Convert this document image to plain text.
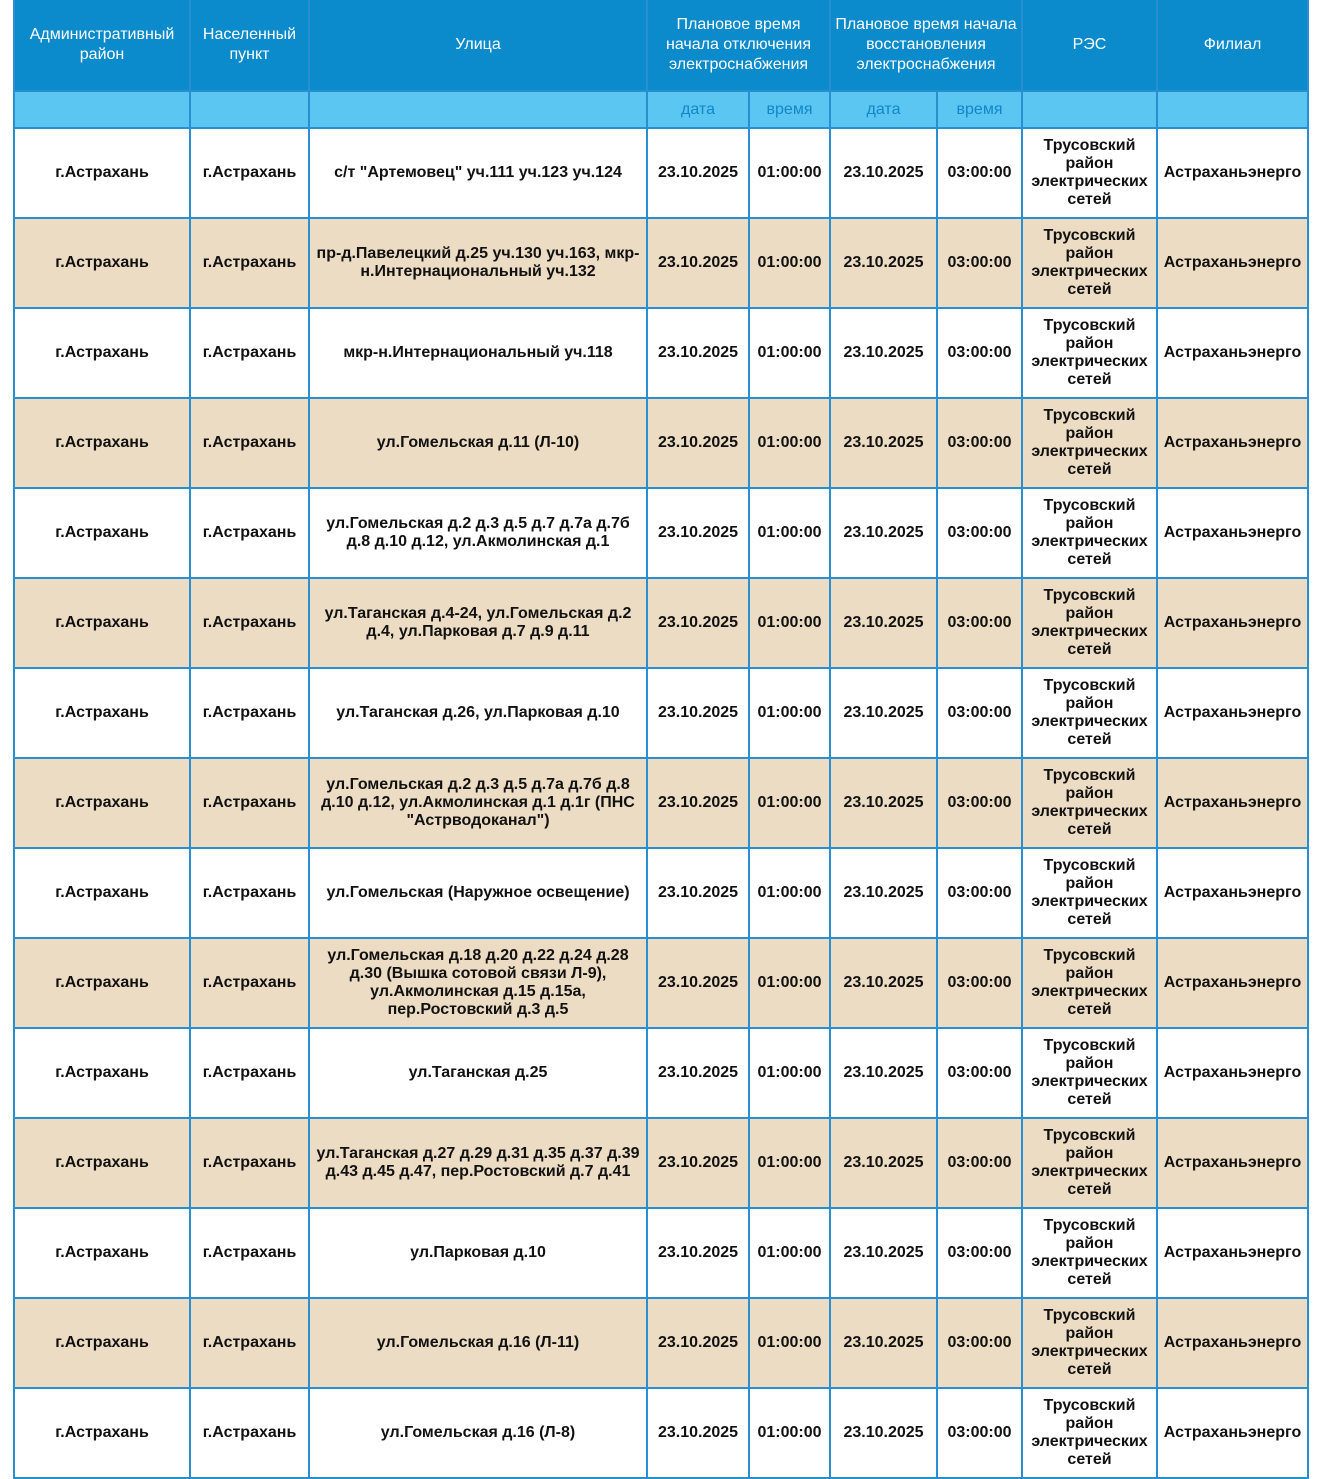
Административный район	Населенный пункт	Улица	Плановое время начала отключения электроснабжения		Плановое время начала восстановления электроснабжения		РЭС	Филиал
			дата	время	дата	время		
г.Астрахань	г.Астрахань	с/т "Артемовец" уч.111 уч.123 уч.124	23.10.2025	01:00:00	23.10.2025	03:00:00	Трусовский район электрических сетей	Астраханьэнерго
г.Астрахань	г.Астрахань	пр-д.Павелецкий д.25 уч.130 уч.163, мкр-н.Интернациональный уч.132	23.10.2025	01:00:00	23.10.2025	03:00:00	Трусовский район электрических сетей	Астраханьэнерго
г.Астрахань	г.Астрахань	мкр-н.Интернациональный уч.118	23.10.2025	01:00:00	23.10.2025	03:00:00	Трусовский район электрических сетей	Астраханьэнерго
г.Астрахань	г.Астрахань	ул.Гомельская д.11 (Л-10)	23.10.2025	01:00:00	23.10.2025	03:00:00	Трусовский район электрических сетей	Астраханьэнерго
г.Астрахань	г.Астрахань	ул.Гомельская д.2 д.3 д.5 д.7 д.7а д.7б д.8 д.10 д.12, ул.Акмолинская д.1	23.10.2025	01:00:00	23.10.2025	03:00:00	Трусовский район электрических сетей	Астраханьэнерго
г.Астрахань	г.Астрахань	ул.Таганская д.4-24, ул.Гомельская д.2 д.4, ул.Парковая д.7 д.9 д.11	23.10.2025	01:00:00	23.10.2025	03:00:00	Трусовский район электрических сетей	Астраханьэнерго
г.Астрахань	г.Астрахань	ул.Таганская д.26, ул.Парковая д.10	23.10.2025	01:00:00	23.10.2025	03:00:00	Трусовский район электрических сетей	Астраханьэнерго
г.Астрахань	г.Астрахань	ул.Гомельская д.2 д.3 д.5 д.7а д.7б д.8 д.10 д.12, ул.Акмолинская д.1 д.1г (ПНС "Астрводоканал")	23.10.2025	01:00:00	23.10.2025	03:00:00	Трусовский район электрических сетей	Астраханьэнерго
г.Астрахань	г.Астрахань	ул.Гомельская (Наружное освещение)	23.10.2025	01:00:00	23.10.2025	03:00:00	Трусовский район электрических сетей	Астраханьэнерго
г.Астрахань	г.Астрахань	ул.Гомельская д.18 д.20 д.22 д.24 д.28 д.30 (Вышка сотовой связи Л-9), ул.Акмолинская д.15 д.15а, пер.Ростовский д.3 д.5	23.10.2025	01:00:00	23.10.2025	03:00:00	Трусовский район электрических сетей	Астраханьэнерго
г.Астрахань	г.Астрахань	ул.Таганская д.25	23.10.2025	01:00:00	23.10.2025	03:00:00	Трусовский район электрических сетей	Астраханьэнерго
г.Астрахань	г.Астрахань	ул.Таганская д.27 д.29 д.31 д.35 д.37 д.39 д.43 д.45 д.47, пер.Ростовский д.7 д.41	23.10.2025	01:00:00	23.10.2025	03:00:00	Трусовский район электрических сетей	Астраханьэнерго
г.Астрахань	г.Астрахань	ул.Парковая д.10	23.10.2025	01:00:00	23.10.2025	03:00:00	Трусовский район электрических сетей	Астраханьэнерго
г.Астрахань	г.Астрахань	ул.Гомельская д.16 (Л-11)	23.10.2025	01:00:00	23.10.2025	03:00:00	Трусовский район электрических сетей	Астраханьэнерго
г.Астрахань	г.Астрахань	ул.Гомельская д.16 (Л-8)	23.10.2025	01:00:00	23.10.2025	03:00:00	Трусовский район электрических сетей	Астраханьэнерго
